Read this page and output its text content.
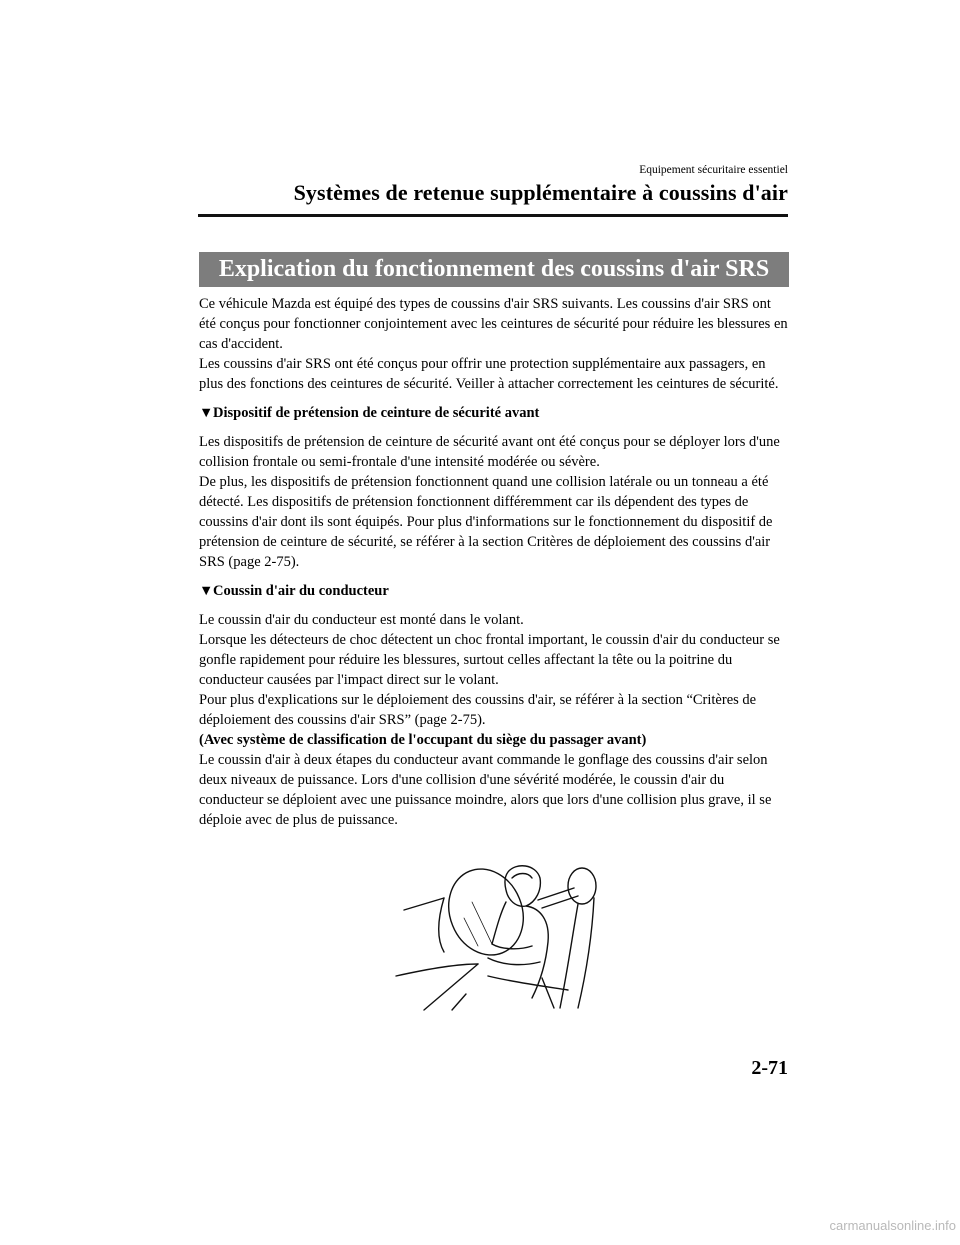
Equipement sécuritaire essentiel
Systèmes de retenue supplémentaire à coussins d'air
Explication du fonctionnement des coussins d'air SRS

Ce véhicule Mazda est équipé des types de coussins d'air SRS suivants. Les coussins d'air SRS ont été conçus pour fonctionner conjointement avec les ceintures de sécurité pour réduire les blessures en cas d'accident.

Les coussins d'air SRS ont été conçus pour offrir une protection supplémentaire aux passagers, en plus des fonctions des ceintures de sécurité. Veiller à attacher correctement les ceintures de sécurité.

▼Dispositif de prétension de ceinture de sécurité avant

Les dispositifs de prétension de ceinture de sécurité avant ont été conçus pour se déployer lors d'une collision frontale ou semi-frontale d'une intensité modérée ou sévère.

De plus, les dispositifs de prétension fonctionnent quand une collision latérale ou un tonneau a été détecté. Les dispositifs de prétension fonctionnent différemment car ils dépendent des types de coussins d'air dont ils sont équipés. Pour plus d'informations sur le fonctionnement du dispositif de prétension de ceinture de sécurité, se référer à la section Critères de déploiement des coussins d'air SRS (page 2-75).

▼Coussin d'air du conducteur

Le coussin d'air du conducteur est monté dans le volant.

Lorsque les détecteurs de choc détectent un choc frontal important, le coussin d'air du conducteur se gonfle rapidement pour réduire les blessures, surtout celles affectant la tête ou la poitrine du conducteur causées par l'impact direct sur le volant.

Pour plus d'explications sur le déploiement des coussins d'air, se référer à la section “Critères de déploiement des coussins d'air SRS” (page 2-75).

(Avec système de classification de l'occupant du siège du passager avant)

Le coussin d'air à deux étapes du conducteur avant commande le gonflage des coussins d'air selon deux niveaux de puissance. Lors d'une collision d'une sévérité modérée, le coussin d'air du conducteur se déploient avec une puissance moindre, alors que lors d'une collision plus grave, il se déploie avec de plus de puissance.

2-71
carmanualsonline.info
